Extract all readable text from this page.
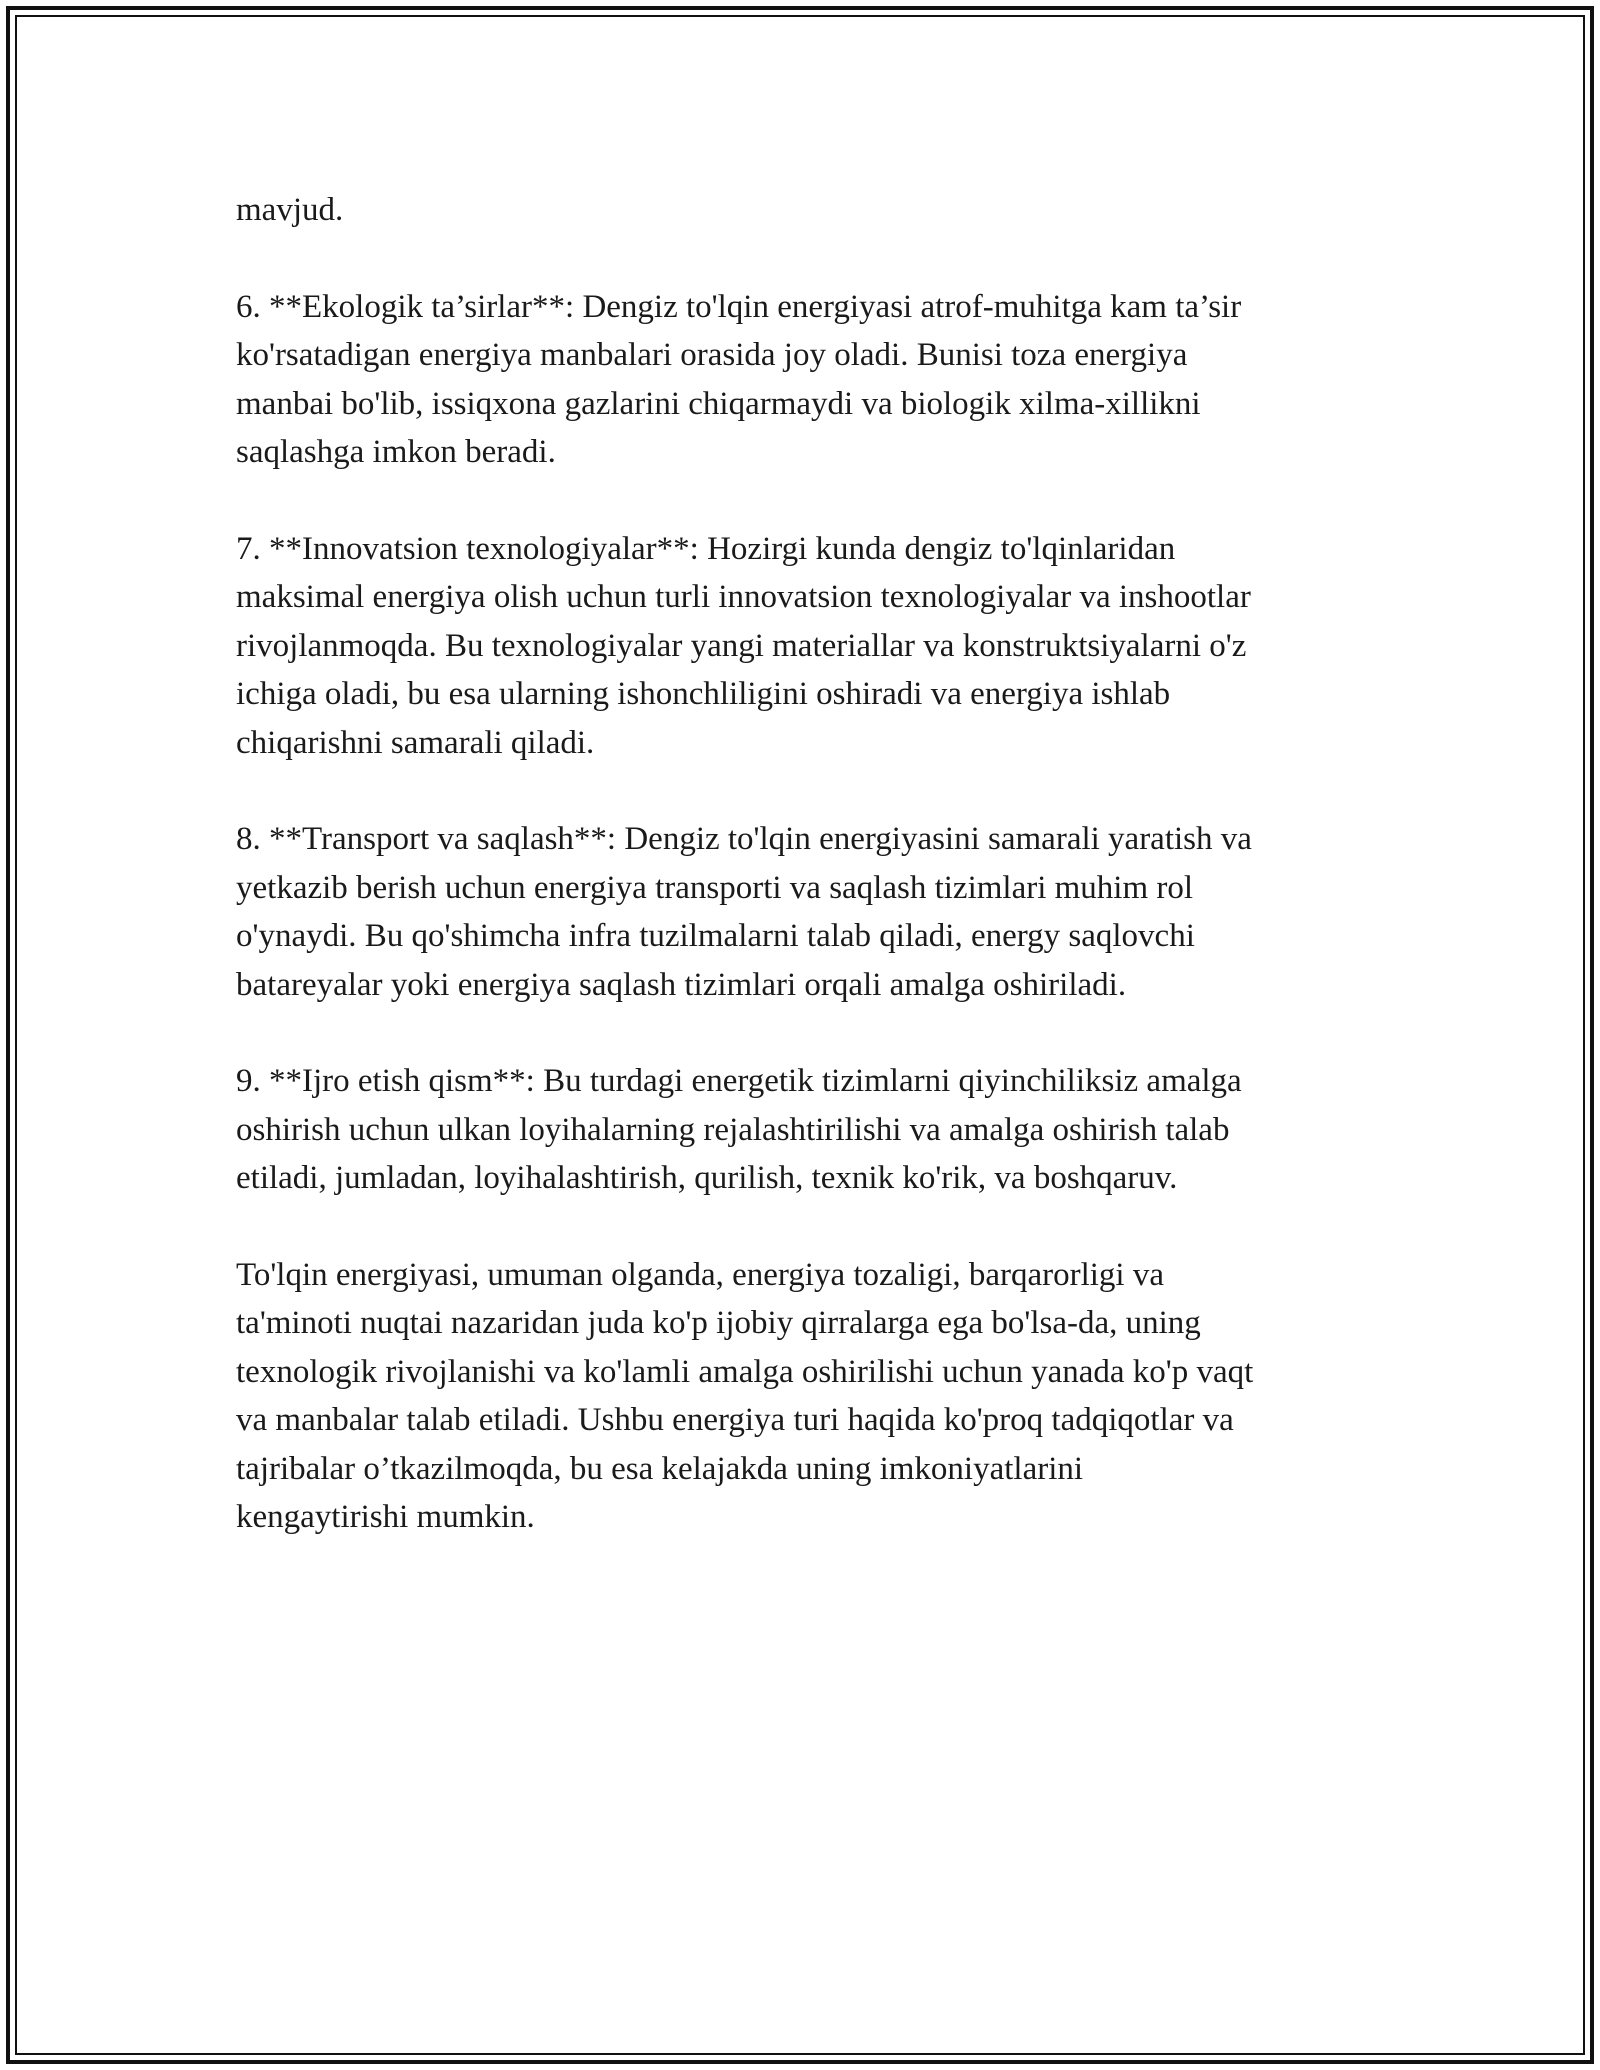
mavjud.

6. **Ekologik ta’sirlar**: Dengiz to'lqin energiyasi atrof-muhitga kam ta’sir
ko'rsatadigan energiya manbalari orasida joy oladi. Bunisi toza energiya
manbai bo'lib, issiqxona gazlarini chiqarmaydi va biologik xilma-xillikni
saqlashga imkon beradi.

7. **Innovatsion texnologiyalar**: Hozirgi kunda dengiz to'lqinlaridan
maksimal energiya olish uchun turli innovatsion texnologiyalar va inshootlar
rivojlanmoqda. Bu texnologiyalar yangi materiallar va konstruktsiyalarni o'z
ichiga oladi, bu esa ularning ishonchliligini oshiradi va energiya ishlab
chiqarishni samarali qiladi.

8. **Transport va saqlash**: Dengiz to'lqin energiyasini samarali yaratish va
yetkazib berish uchun energiya transporti va saqlash tizimlari muhim rol
o'ynaydi. Bu qo'shimcha infra tuzilmalarni talab qiladi, energy saqlovchi
batareyalar yoki energiya saqlash tizimlari orqali amalga oshiriladi.

9. **Ijro etish qism**: Bu turdagi energetik tizimlarni qiyinchiliksiz amalga
oshirish uchun ulkan loyihalarning rejalashtirilishi va amalga oshirish talab
etiladi, jumladan, loyihalashtirish, qurilish, texnik ko'rik, va boshqaruv.

To'lqin energiyasi, umuman olganda, energiya tozaligi, barqarorligi va
ta'minoti nuqtai nazaridan juda ko'p ijobiy qirralarga ega bo'lsa-da, uning
texnologik rivojlanishi va ko'lamli amalga oshirilishi uchun yanada ko'p vaqt
va manbalar talab etiladi. Ushbu energiya turi haqida ko'proq tadqiqotlar va
tajribalar o’tkazilmoqda, bu esa kelajakda uning imkoniyatlarini
kengaytirishi mumkin.
